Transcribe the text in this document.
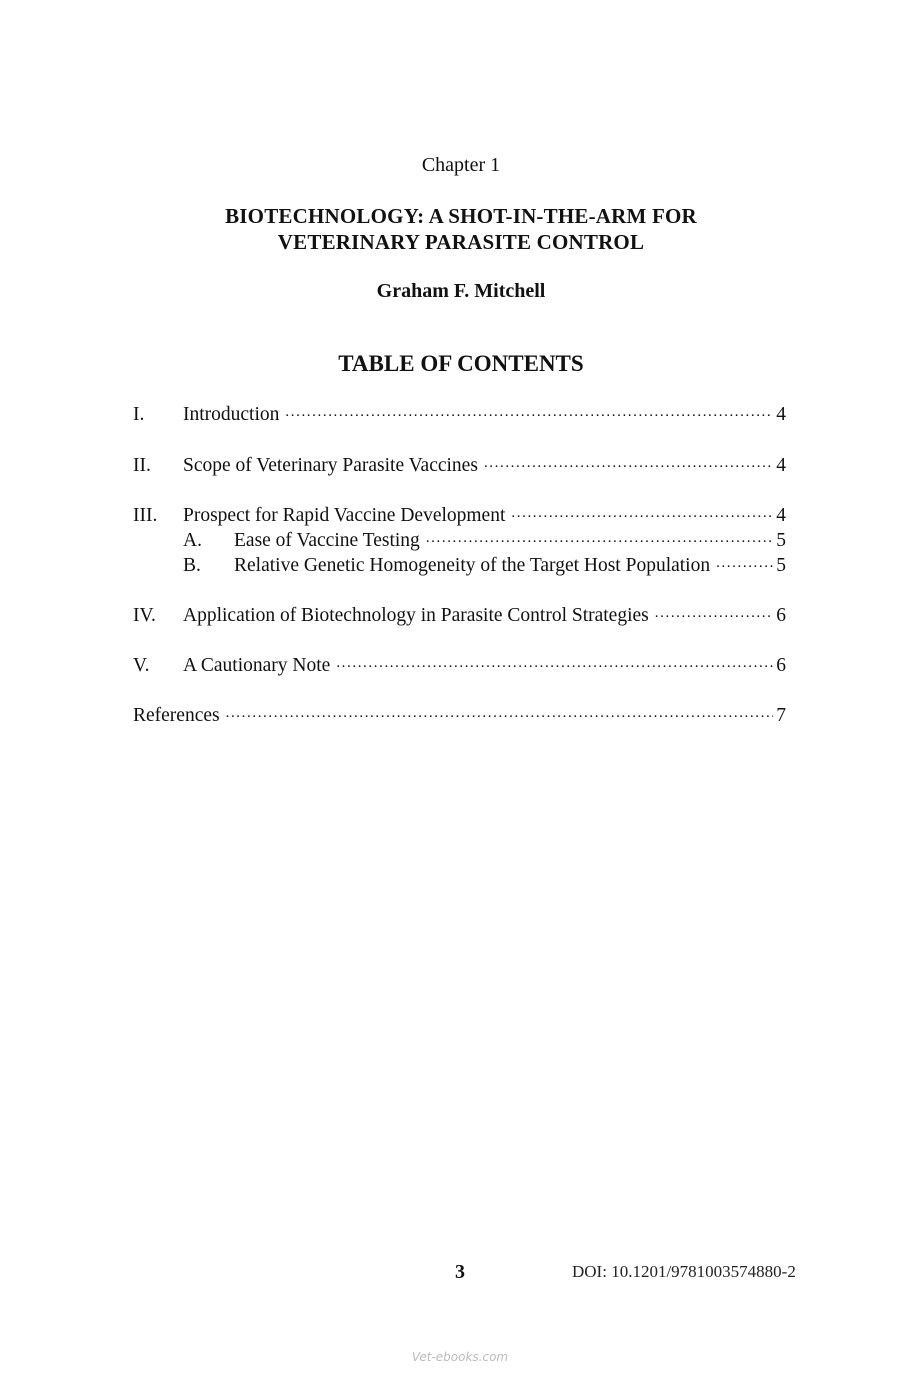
Chapter 1
BIOTECHNOLOGY: A SHOT-IN-THE-ARM FOR
VETERINARY PARASITE CONTROL
Graham F. Mitchell
TABLE OF CONTENTS
I.	Introduction .....	4
II.	Scope of Veterinary Parasite Vaccines .....	4
III.	Prospect for Rapid Vaccine Development .....	4
A.	Ease of Vaccine Testing .....	5
B.	Relative Genetic Homogeneity of the Target Host Population .....	5
IV.	Application of Biotechnology in Parasite Control Strategies .....	6
V.	A Cautionary Note .....	6
References .....	7
3	DOI: 10.1201/9781003574880-2
Vet-ebooks.com
